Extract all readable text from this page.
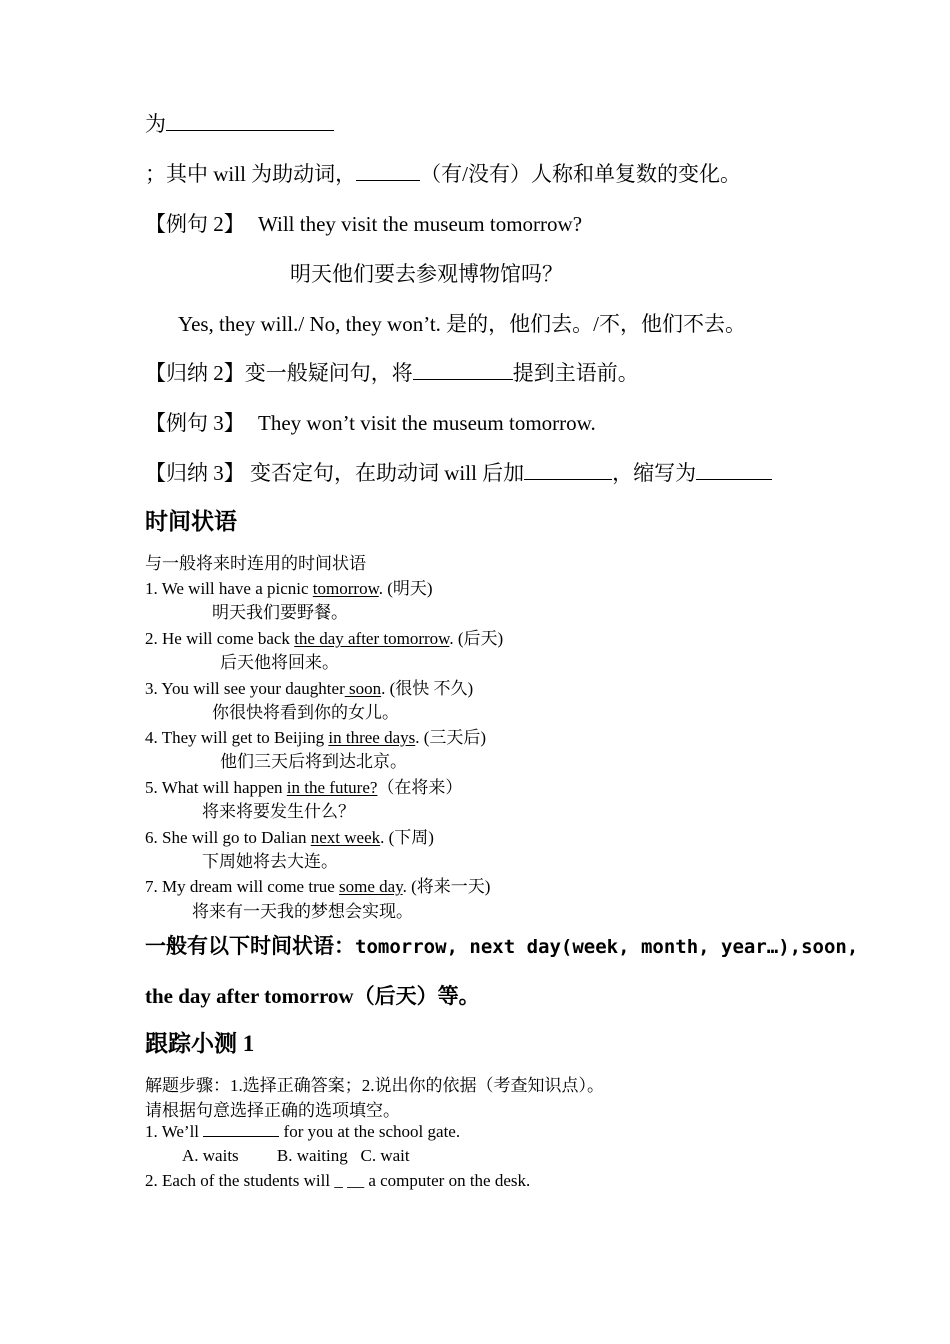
为
；其中 will 为助动词，	（有/没有）人称和单复数的变化。
【例句 2】 Will they visit the museum tomorrow?
明天他们要去参观博物馆吗？
Yes, they will./ No, they won’t. 是的，他们去。/不，他们不去。
【归纳 2】变一般疑问句，将	提到主语前。
【例句 3】 They won’t visit the museum tomorrow.
【归纳 3】 变否定句，在助动词 will 后加	，缩写为
时间状语
与一般将来时连用的时间状语
1. We will have a picnic tomorrow. (明天)
明天我们要野餐。
2. He will come back the day after tomorrow. (后天)
后天他将回来。
3. You will see your daughter soon. (很快 不久)
你很快将看到你的女儿。
4. They will get to Beijing in three days. (三天后)
他们三天后将到达北京。
5. What will happen in the future?（在将来）
将来将要发生什么？
6. She will go to Dalian next week. (下周)
下周她将去大连。
7. My dream will come true some day. (将来一天)
将来有一天我的梦想会实现。
一般有以下时间状语：tomorrow, next day(week, month, year…),soon,
the day after tomorrow（后天）等。
跟踪小测 1
解题步骤：1.选择正确答案；2.说出你的依据（考查知识点）。
请根据句意选择正确的选项填空。
1. We’ll	for you at the school gate.
A. waits         B. waiting   C. wait
2. Each of the students will _ __ a computer on the desk.
